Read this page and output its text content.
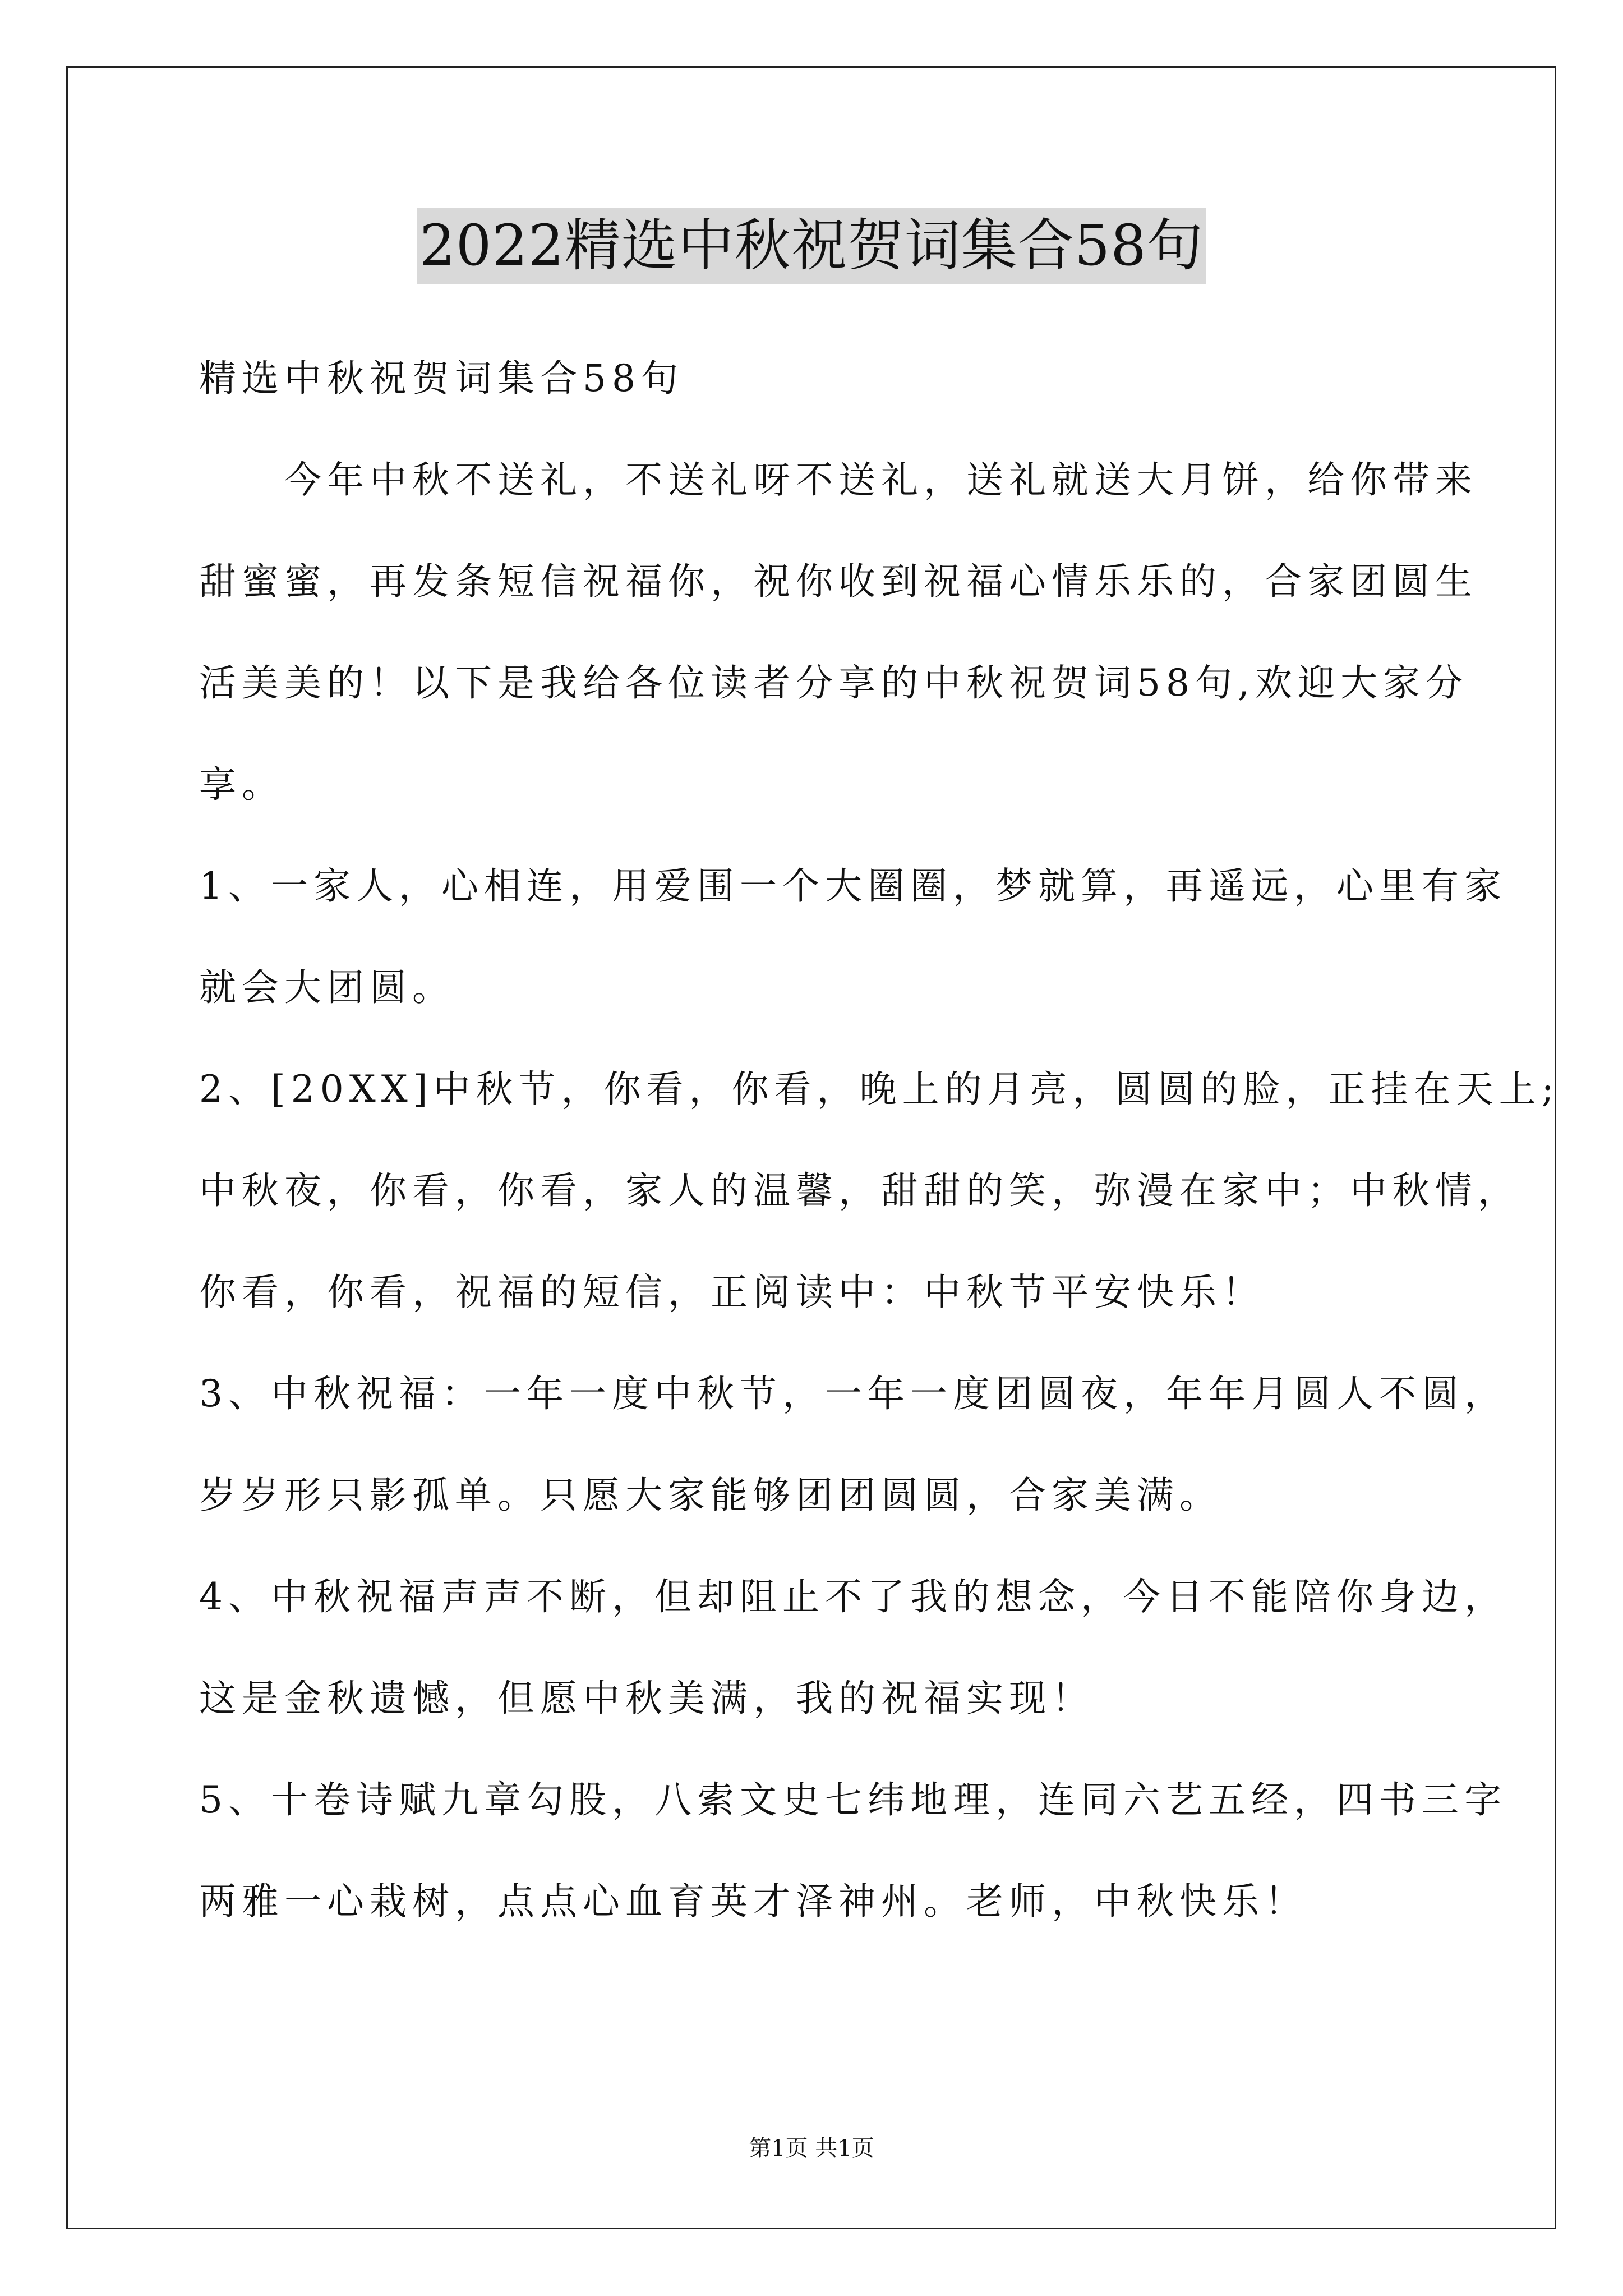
2022精选中秋祝贺词集合58句
精选中秋祝贺词集合58句
今年中秋不送礼，不送礼呀不送礼，送礼就送大月饼，给你带来
甜蜜蜜，再发条短信祝福你，祝你收到祝福心情乐乐的，合家团圆生
活美美的！以下是我给各位读者分享的中秋祝贺词58句,欢迎大家分
享。
1、一家人，心相连，用爱围一个大圈圈，梦就算，再遥远，心里有家
就会大团圆。
2、[20XX]中秋节，你看，你看，晚上的月亮，圆圆的脸，正挂在天上;
中秋夜，你看，你看，家人的温馨，甜甜的笑，弥漫在家中；中秋情，
你看，你看，祝福的短信，正阅读中：中秋节平安快乐！
3、中秋祝福：一年一度中秋节，一年一度团圆夜，年年月圆人不圆，
岁岁形只影孤单。只愿大家能够团团圆圆，合家美满。
4、中秋祝福声声不断，但却阻止不了我的想念，今日不能陪你身边，
这是金秋遗憾，但愿中秋美满，我的祝福实现！
5、十卷诗赋九章勾股，八索文史七纬地理，连同六艺五经，四书三字
两雅一心栽树，点点心血育英才泽神州。老师，中秋快乐！
第1页 共1页
